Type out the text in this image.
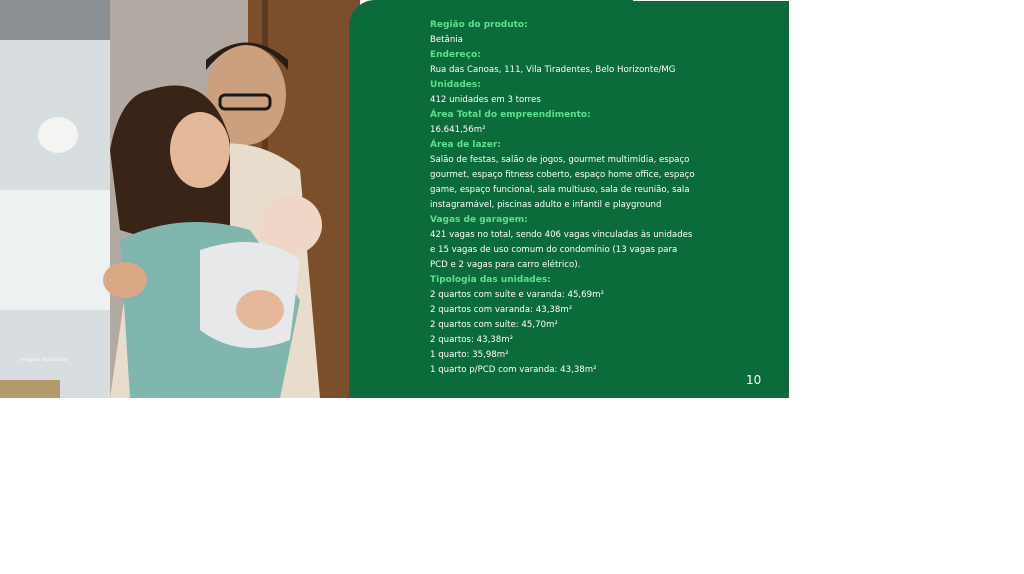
Imagem Ilustrativa
Região do produto:
Betânia
Endereço:
Rua das Canoas, 111, Vila Tiradentes, Belo Horizonte/MG
Unidades:
412 unidades em 3 torres
Área Total do empreendimento:
16.641,56m²
Área de lazer:
Salão de festas, salão de jogos, gourmet multimídia, espaço
gourmet, espaço fitness coberto, espaço home office, espaço
game, espaço funcional, sala multiuso, sala de reunião, sala
instagramável, piscinas adulto e infantil e playground
Vagas de garagem:
421 vagas no total, sendo 406 vagas vinculadas às unidades
e 15 vagas de uso comum do condomínio (13 vagas para
PCD e 2 vagas para carro elétrico).
Tipologia das unidades:
2 quartos com suíte e varanda: 45,69m²
2 quartos com varanda: 43,38m²
2 quartos com suíte: 45,70m²
2 quartos: 43,38m²
1 quarto: 35,98m²
1 quarto p/PCD com varanda: 43,38m²
10
